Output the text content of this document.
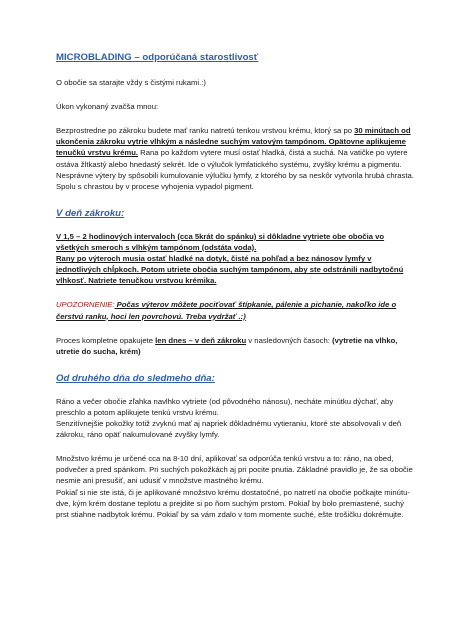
MICROBLADING – odporúčaná starostlivosť

O obočie sa starajte vždy s čistými rukami.:)

Úkon vykonaný zvačša mnou:

Bezprostredne po zákroku budete mať ranku natretú tenkou vrstvou krému, ktorý sa po 30 minútach od ukončenia zákroku vytrie vlhkým a následne suchým vatovým tampónom. Opätovne aplikujeme tenučkú vrstvu krému. Rana po každom vytere musí ostať hladká, čistá a suchá. Na vatičke po vytere ostáva žltkastý alebo hnedastý sekrét. Ide o výlučok lymfatického systému, zvyšky krému a pigmentu. Nesprávne výtery by spôsobili kumulovanie výlučku lymfy, z ktorého by sa neskôr vytvorila hrubá chrasta. Spolu s chrastou by v procese vyhojenia vypadol pigment.

V deň zákroku:

V 1,5 – 2 hodinových intervaloch (cca 5krát do spánku) si dôkladne vytriete obe obočia vo všetkých smeroch s vlhkým tampónom (odstáta voda).

Rany po výteroch musia ostať hladké na dotyk, čisté na pohľad a bez nánosov lymfy v jednotlivých chĺpkoch. Potom utriete obočia suchým tampónom, aby ste odstránili nadbytočnú vlhkosť. Natriete tenučkou vrstvou krémika.

UPOZORNENIE: Počas výterov môžete pociťovať štípkanie, pálenie a pichanie, nakoľko ide o čerstvú ranku, hoci len povrchovú. Treba vydržať .:)

Proces kompletne opakujete len dnes – v deň zákroku v nasledovných časoch: (vytretie na vlhko, utretie do sucha, krém)

Od druhého dňa do sledmeho dňa:

Ráno a večer obočie zľahka navlhko vytriete (od pôvodného nánosu), necháte minútku dýchať, aby preschlo a potom aplikujete tenkú vrstvu krému.

Senzitívnejšie pokožky totiž zvyknú mať aj napriek dôkladnému vytieraniu, ktoré ste absolvovali v deň zákroku, ráno opäť nakumulované zvyšky lymfy.

Množstvo krému je určené cca na 8-10 dní, aplikovať sa odporúča tenkú vrstvu a to: ráno, na obed, podvečer a pred spánkom. Pri suchých pokožkách aj pri pocite pnutia. Základné pravidlo je, že sa obočie nesmie ani presušiť, ani udusiť v množstve mastného krému.

Pokiaľ si nie ste istá, či je aplikované množstvo krému dostatočné, po natretí na obočie počkajte minútu-dve, kým krém dostane teplotu a prejdite si po ňom suchým prstom. Pokiaľ by bolo premastené, suchý prst stiahne nadbytok krému. Pokiaľ by sa vám zdalo v tom momente suché, ešte trošičku dokrémujte.
